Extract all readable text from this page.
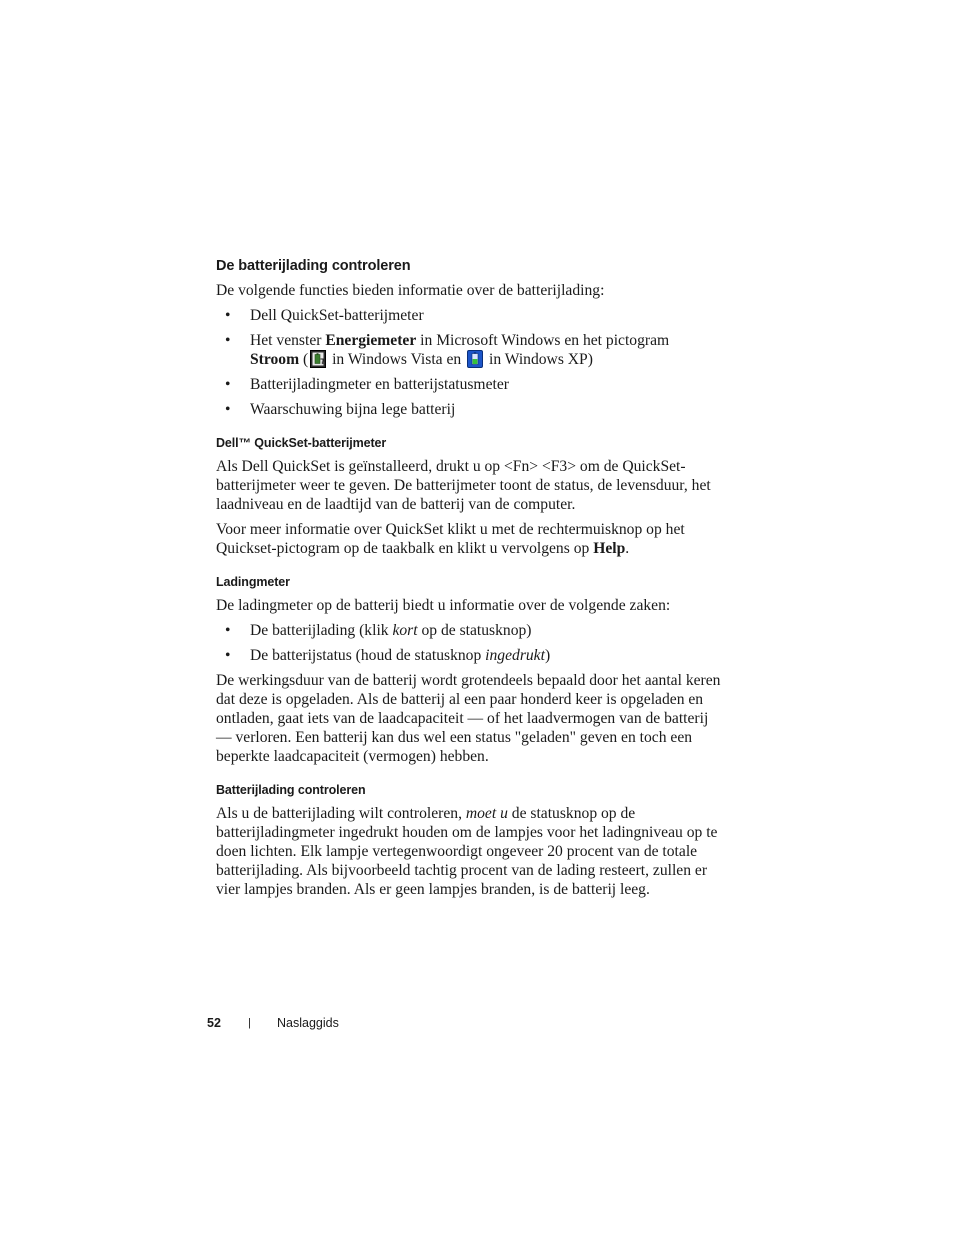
De batterijlading controleren

De volgende functies bieden informatie over de batterijlading:

• Dell QuickSet-batterijmeter
• Het venster Energiemeter in Microsoft Windows en het pictogram Stroom ( in Windows Vista en  in Windows XP)
• Batterijladingmeter en batterijstatusmeter
• Waarschuwing bijna lege batterij
Dell™ QuickSet-batterijmeter

Als Dell QuickSet is geïnstalleerd, drukt u op <Fn> <F3> om de QuickSet-batterijmeter weer te geven. De batterijmeter toont de status, de levensduur, het laadniveau en de laadtijd van de batterij van de computer.

Voor meer informatie over QuickSet klikt u met de rechtermuisknop op het Quickset-pictogram op de taakbalk en klikt u vervolgens op Help.

Ladingmeter

De ladingmeter op de batterij biedt u informatie over de volgende zaken:

• De batterijlading (klik kort op de statusknop)
• De batterijstatus (houd de statusknop ingedrukt)

De werkingsduur van de batterij wordt grotendeels bepaald door het aantal keren dat deze is opgeladen. Als de batterij al een paar honderd keer is opgeladen en ontladen, gaat iets van de laadcapaciteit — of het laadvermogen van de batterij — verloren. Een batterij kan dus wel een status "geladen" geven en toch een beperkte laadcapaciteit (vermogen) hebben.

Batterijlading controleren

Als u de batterijlading wilt controleren, moet u de statusknop op de batterijladingmeter ingedrukt houden om de lampjes voor het ladingniveau op te doen lichten. Elk lampje vertegenwoordigt ongeveer 20 procent van de totale batterijlading. Als bijvoorbeeld tachtig procent van de lading resteert, zullen er vier lampjes branden. Als er geen lampjes branden, is de batterij leeg.

52	|	Naslaggids
